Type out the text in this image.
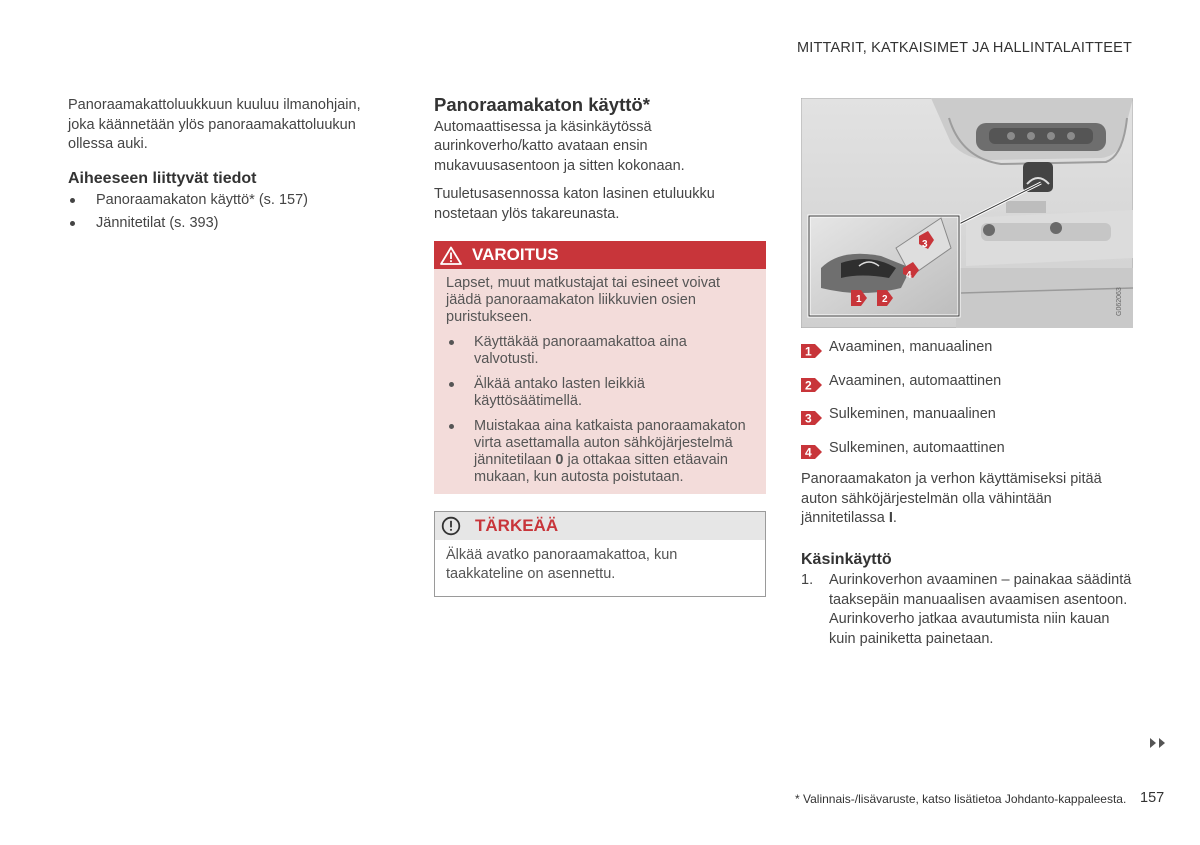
MITTARIT, KATKAISIMET JA HALLINTALAITTEET

Panoraamakattoluukkuun kuuluu ilmanohjain, joka käännetään ylös panoraamakattoluukun ollessa auki.

Aiheeseen liittyvät tiedot
Panoraamakaton käyttö* (s. 157)
Jännitetilat (s. 393)
Panoraamakaton käyttö*

Automaattisessa ja käsinkäytössä aurinkoverho/katto avataan ensin mukavuusasentoon ja sitten kokonaan.

Tuuletusasennossa katon lasinen etuluukku nostetaan ylös takareunasta.

VAROITUS
Lapset, muut matkustajat tai esineet voivat jäädä panoraamakaton liikkuvien osien puristukseen.
Käyttäkää panoraamakattoa aina valvotusti.
Älkää antako lasten leikkiä käyttösäätimellä.
Muistakaa aina katkaista panoraamakaton virta asettamalla auton sähköjärjestelmä jännitetilaan 0 ja ottakaa sitten etäavain mukaan, kun autosta poistutaan.
TÄRKEÄÄ
Älkää avatko panoraamakattoa, kun taakkateline on asennettu.
1 2
3
4
G062063
1 Avaaminen, manuaalinen
2 Avaaminen, automaattinen
3 Sulkeminen, manuaalinen
4 Sulkeminen, automaattinen

Panoraamakaton ja verhon käyttämiseksi pitää auton sähköjärjestelmän olla vähintään jännitetilassa I.

Käsinkäyttö
1. Aurinkoverhon avaaminen – painakaa säädintä taaksepäin manuaalisen avaamisen asentoon. Aurinkoverho jatkaa avautumista niin kauan kuin painiketta painetaan.
* Valinnais-/lisävaruste, katso lisätietoa Johdanto-kappaleesta. 157
